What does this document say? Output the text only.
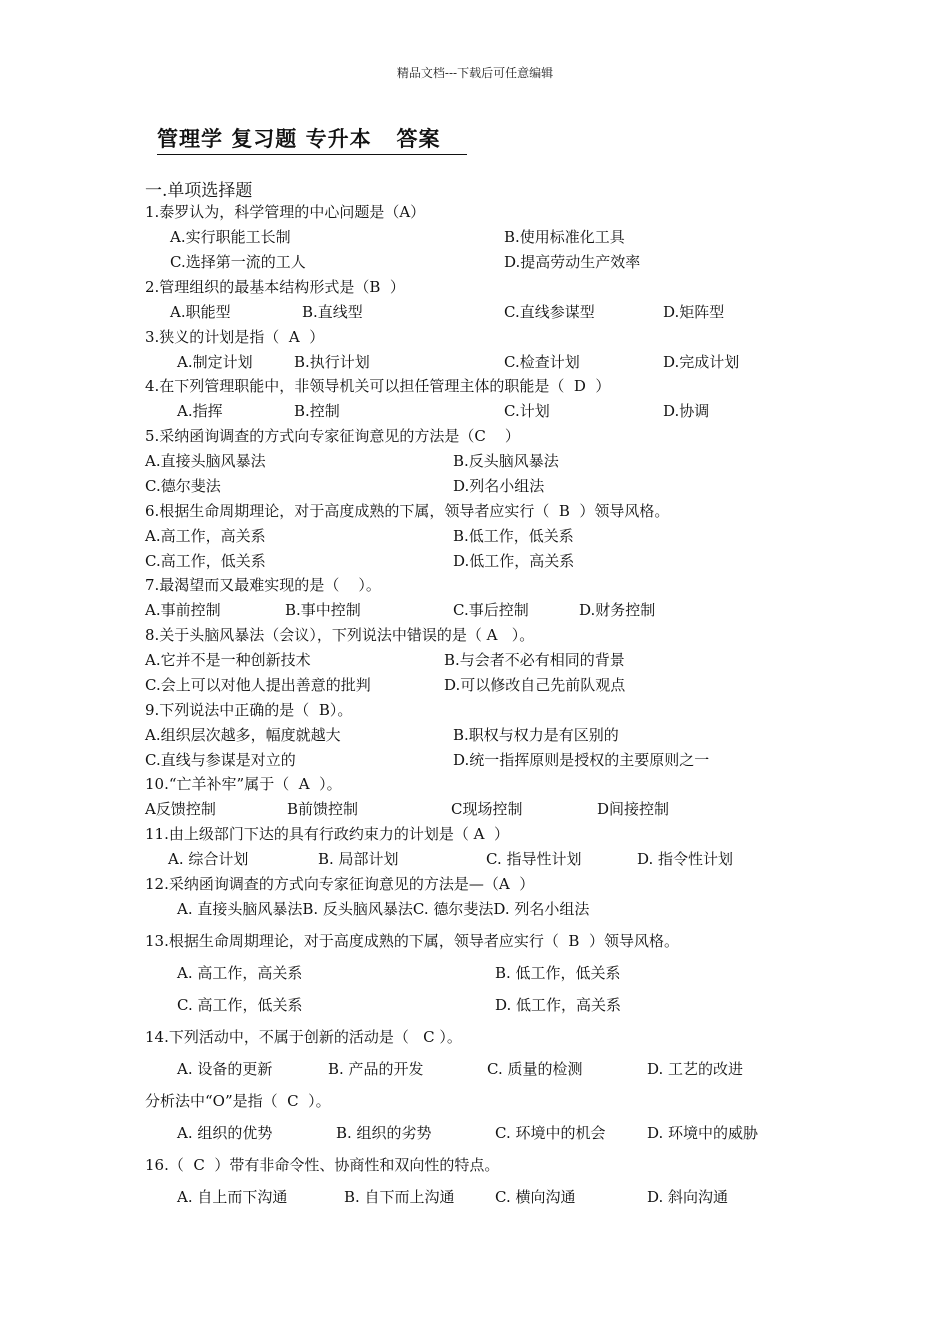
精品文档---下载后可任意编辑
管理学 复习题 专升本   答案
一.单项选择题
1.泰罗认为，科学管理的中心问题是（A）
A.实行职能工长制	B.使用标准化工具
C.选择第一流的工人	D.提高劳动生产效率
2.管理组织的最基本结构形式是（B  ）
A.职能型	B.直线型	C.直线参谋型	D.矩阵型
3.狭义的计划是指（  A  ）
A.制定计划	B.执行计划	C.检查计划	D.完成计划
4.在下列管理职能中，非领导机关可以担任管理主体的职能是（  D  ）
A.指挥	B.控制	C.计划	D.协调
5.采纳函询调查的方式向专家征询意见的方法是（C    ）
A.直接头脑风暴法	B.反头脑风暴法
C.德尔斐法	D.列名小组法
6.根据生命周期理论，对于高度成熟的下属，领导者应实行（  B  ）领导风格。
A.高工作，高关系	B.低工作，低关系
C.高工作，低关系	D.低工作，高关系
7.最渴望而又最难实现的是（    ）。
A.事前控制	B.事中控制	C.事后控制	D.财务控制
8.关于头脑风暴法（会议），下列说法中错误的是（ A   ）。
A.它并不是一种创新技术	B.与会者不必有相同的背景
C.会上可以对他人提出善意的批判	D.可以修改自己先前队观点
9.下列说法中正确的是（  B）。
A.组织层次越多，幅度就越大	B.职权与权力是有区别的
C.直线与参谋是对立的	D.统一指挥原则是授权的主要原则之一
10.“亡羊补牢”属于（  A  ）。
A反馈控制	B前馈控制	C现场控制	D间接控制
11.由上级部门下达的具有行政约束力的计划是（ A  ）
A. 综合计划	B. 局部计划	C. 指导性计划	D. 指令性计划
12.采纳函询调查的方式向专家征询意见的方法是—（A  ）
A. 直接头脑风暴法B. 反头脑风暴法C. 德尔斐法D. 列名小组法
13.根据生命周期理论，对于高度成熟的下属，领导者应实行（  B  ）领导风格。
A. 高工作，高关系	B. 低工作，低关系
C. 高工作，低关系	D. 低工作，高关系
14.下列活动中，不属于创新的活动是（   C ）。
A. 设备的更新	B. 产品的开发	C. 质量的检测	D. 工艺的改进
分析法中“O”是指（  C  ）。
A. 组织的优势	B. 组织的劣势	C. 环境中的机会	D. 环境中的威胁
16.（  C  ）带有非命令性、协商性和双向性的特点。
A. 自上而下沟通	B. 自下而上沟通	C. 横向沟通	D. 斜向沟通
